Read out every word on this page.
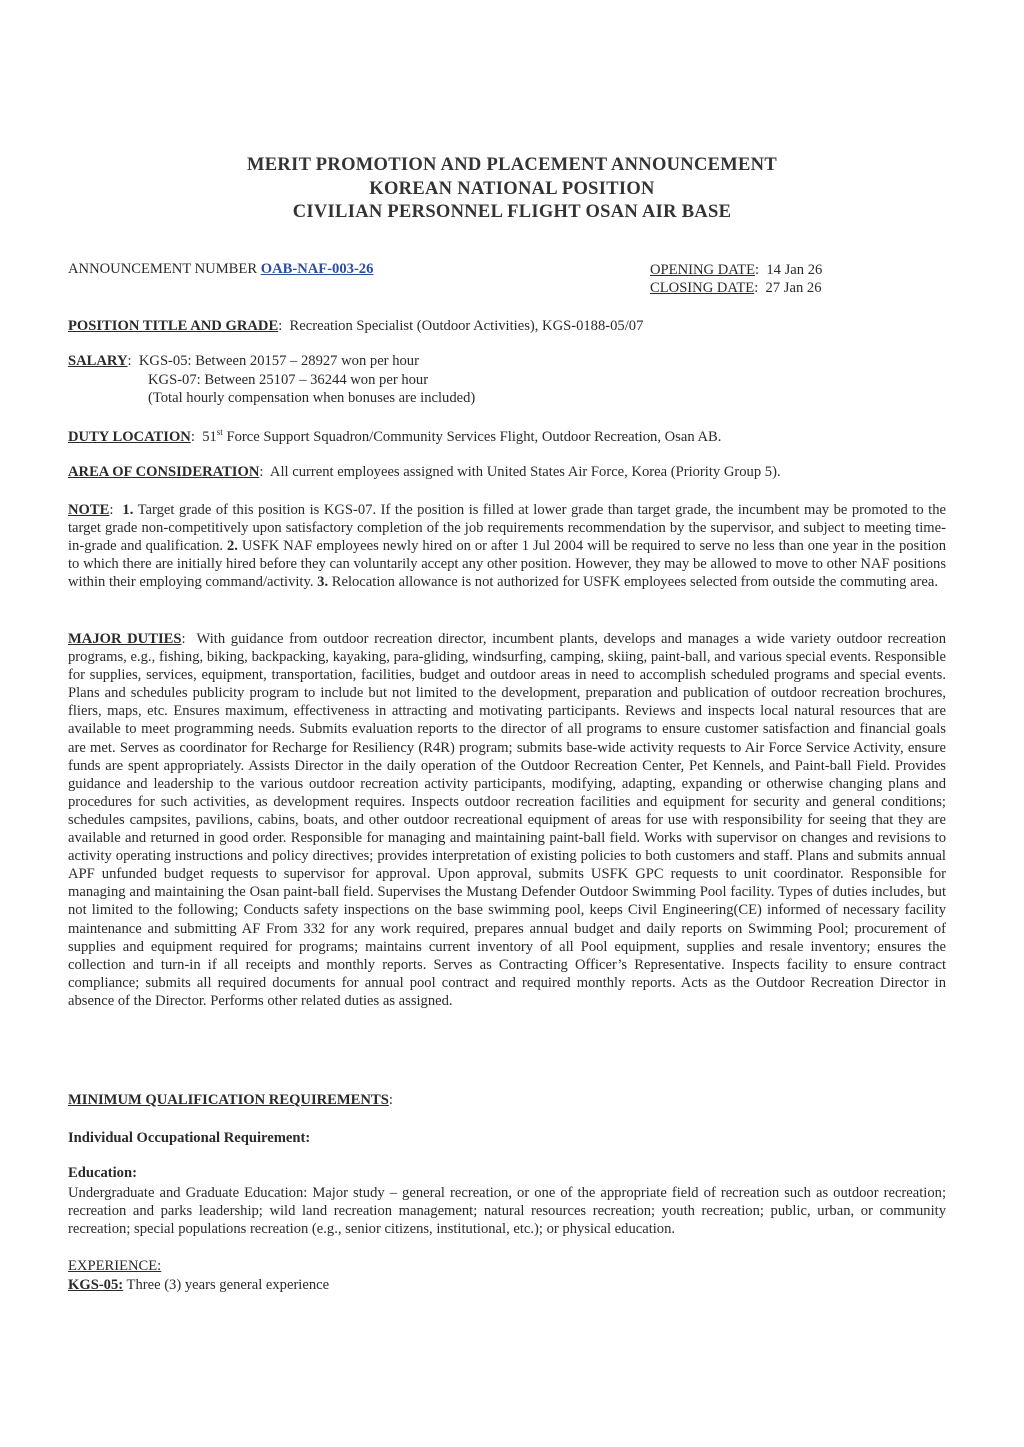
MERIT PROMOTION AND PLACEMENT ANNOUNCEMENT
KOREAN NATIONAL POSITION
CIVILIAN PERSONNEL FLIGHT OSAN AIR BASE
ANNOUNCEMENT NUMBER OAB-NAF-003-26	OPENING DATE:  14 Jan 26
CLOSING DATE:  27 Jan 26
POSITION TITLE AND GRADE:  Recreation Specialist (Outdoor Activities), KGS-0188-05/07
SALARY:  KGS-05: Between 20157 – 28927 won per hour
KGS-07: Between 25107 – 36244 won per hour
(Total hourly compensation when bonuses are included)
DUTY LOCATION:  51st Force Support Squadron/Community Services Flight, Outdoor Recreation, Osan AB.
AREA OF CONSIDERATION:  All current employees assigned with United States Air Force, Korea (Priority Group 5).
NOTE:  1. Target grade of this position is KGS-07. If the position is filled at lower grade than target grade, the incumbent may be promoted to the target grade non-competitively upon satisfactory completion of the job requirements recommendation by the supervisor, and subject to meeting time-in-grade and qualification. 2. USFK NAF employees newly hired on or after 1 Jul 2004 will be required to serve no less than one year in the position to which there are initially hired before they can voluntarily accept any other position. However, they may be allowed to move to other NAF positions within their employing command/activity. 3. Relocation allowance is not authorized for USFK employees selected from outside the commuting area.
MAJOR DUTIES:  With guidance from outdoor recreation director, incumbent plants, develops and manages a wide variety outdoor recreation programs, e.g., fishing, biking, backpacking, kayaking, para-gliding, windsurfing, camping, skiing, paint-ball, and various special events. Responsible for supplies, services, equipment, transportation, facilities, budget and outdoor areas in need to accomplish scheduled programs and special events. Plans and schedules publicity program to include but not limited to the development, preparation and publication of outdoor recreation brochures, fliers, maps, etc. Ensures maximum, effectiveness in attracting and motivating participants. Reviews and inspects local natural resources that are available to meet programming needs. Submits evaluation reports to the director of all programs to ensure customer satisfaction and financial goals are met. Serves as coordinator for Recharge for Resiliency (R4R) program; submits base-wide activity requests to Air Force Service Activity, ensure funds are spent appropriately. Assists Director in the daily operation of the Outdoor Recreation Center, Pet Kennels, and Paint-ball Field. Provides guidance and leadership to the various outdoor recreation activity participants, modifying, adapting, expanding or otherwise changing plans and procedures for such activities, as development requires. Inspects outdoor recreation facilities and equipment for security and general conditions; schedules campsites, pavilions, cabins, boats, and other outdoor recreational equipment of areas for use with responsibility for seeing that they are available and returned in good order. Responsible for managing and maintaining paint-ball field. Works with supervisor on changes and revisions to activity operating instructions and policy directives; provides interpretation of existing policies to both customers and staff. Plans and submits annual APF unfunded budget requests to supervisor for approval. Upon approval, submits USFK GPC requests to unit coordinator. Responsible for managing and maintaining the Osan paint-ball field. Supervises the Mustang Defender Outdoor Swimming Pool facility. Types of duties includes, but not limited to the following; Conducts safety inspections on the base swimming pool, keeps Civil Engineering(CE) informed of necessary facility maintenance and submitting AF From 332 for any work required, prepares annual budget and daily reports on Swimming Pool; procurement of supplies and equipment required for programs; maintains current inventory of all Pool equipment, supplies and resale inventory; ensures the collection and turn-in if all receipts and monthly reports. Serves as Contracting Officer’s Representative. Inspects facility to ensure contract compliance; submits all required documents for annual pool contract and required monthly reports. Acts as the Outdoor Recreation Director in absence of the Director. Performs other related duties as assigned.
MINIMUM QUALIFICATION REQUIREMENTS:
Individual Occupational Requirement:
Education:
Undergraduate and Graduate Education: Major study – general recreation, or one of the appropriate field of recreation such as outdoor recreation; recreation and parks leadership; wild land recreation management; natural resources recreation; youth recreation; public, urban, or community recreation; special populations recreation (e.g., senior citizens, institutional, etc.); or physical education.
EXPERIENCE:
KGS-05: Three (3) years general experience
